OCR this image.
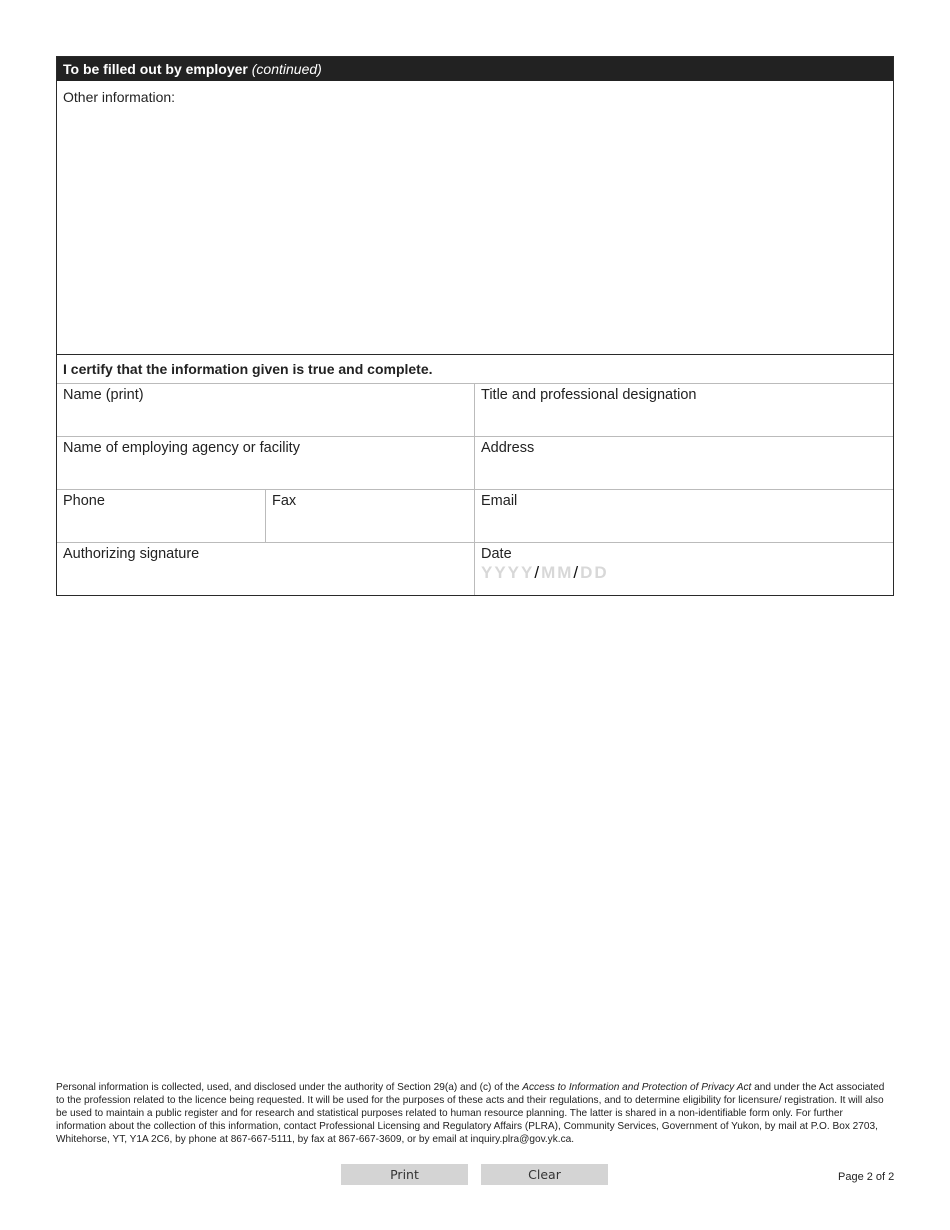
To be filled out by employer (continued)
Other information:
I certify that the information given is true and complete.
Name (print)	Title and professional designation
Name of employing agency or facility	Address
Phone	Fax	Email
Authorizing signature	Date
YYYY/MM/DD
Personal information is collected, used, and disclosed under the authority of Section 29(a) and (c) of the Access to Information and Protection of Privacy Act and under the Act associated to the profession related to the licence being requested. It will be used for the purposes of these acts and their regulations, and to determine eligibility for licensure/ registration. It will also be used to maintain a public register and for research and statistical purposes related to human resource planning. The latter is shared in a non-identifiable form only. For further information about the collection of this information, contact Professional Licensing and Regulatory Affairs (PLRA), Community Services, Government of Yukon, by mail at P.O. Box 2703, Whitehorse, YT, Y1A 2C6, by phone at 867-667-5111, by fax at 867-667-3609, or by email at inquiry.plra@gov.yk.ca.
Print	Clear	Page 2 of 2
